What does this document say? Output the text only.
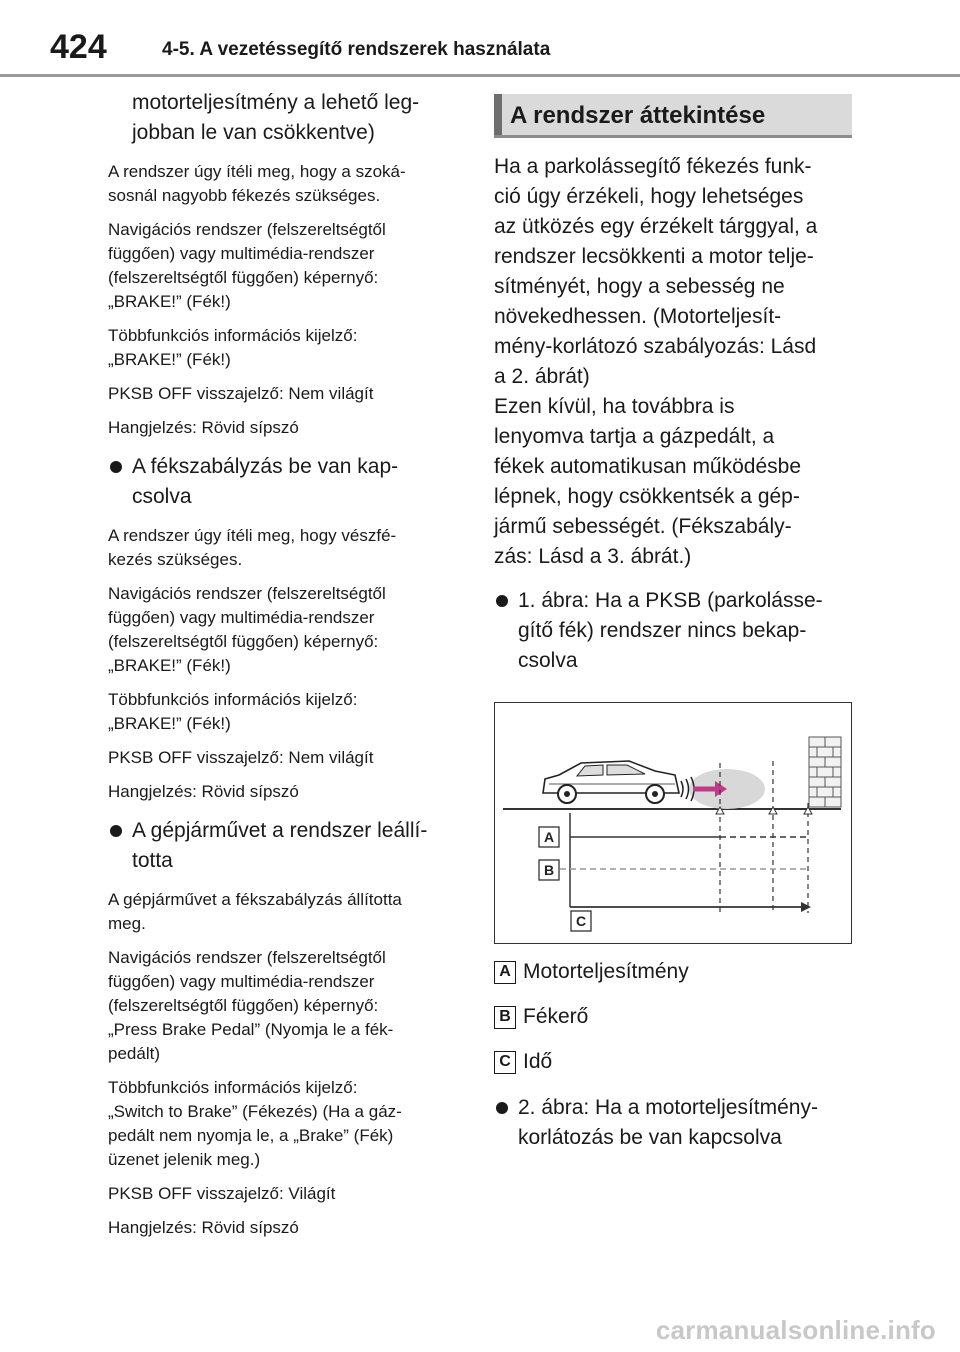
424	4-5. A vezetéssegítő rendszerek használata
motorteljesítmény a lehető leg-
jobban le van csökkentve)

A rendszer úgy ítéli meg, hogy a szoká-
sosnál nagyobb fékezés szükséges.

Navigációs rendszer (felszereltségtől
függően) vagy multimédia-rendszer
(felszereltségtől függően) képernyő:
„BRAKE!” (Fék!)

Többfunkciós információs kijelző:
„BRAKE!” (Fék!)

PKSB OFF visszajelző: Nem világít

Hangjelzés: Rövid sípszó

A fékszabályzás be van kap-
csolva

A rendszer úgy ítéli meg, hogy vészfé-
kezés szükséges.

Navigációs rendszer (felszereltségtől
függően) vagy multimédia-rendszer
(felszereltségtől függően) képernyő:
„BRAKE!” (Fék!)

Többfunkciós információs kijelző:
„BRAKE!” (Fék!)

PKSB OFF visszajelző: Nem világít

Hangjelzés: Rövid sípszó

A gépjárművet a rendszer leállí-
totta

A gépjárművet a fékszabályzás állította
meg.

Navigációs rendszer (felszereltségtől
függően) vagy multimédia-rendszer
(felszereltségtől függően) képernyő:
„Press Brake Pedal” (Nyomja le a fék-
pedált)

Többfunkciós információs kijelző:
„Switch to Brake” (Fékezés) (Ha a gáz-
pedált nem nyomja le, a „Brake” (Fék)
üzenet jelenik meg.)

PKSB OFF visszajelző: Világít

Hangjelzés: Rövid sípszó

A rendszer áttekintése

Ha a parkolássegítő fékezés funk-
ció úgy érzékeli, hogy lehetséges
az ütközés egy érzékelt tárggyal, a
rendszer lecsökkenti a motor telje-
sítményét, hogy a sebesség ne
növekedhessen. (Motorteljesít-
mény-korlátozó szabályozás: Lásd
a 2. ábrát)
Ezen kívül, ha továbbra is
lenyomva tartja a gázpedált, a
fékek automatikusan működésbe
lépnek, hogy csökkentsék a gép-
jármű sebességét. (Fékszabály-
zás: Lásd a 3. ábrát.)

1. ábra: Ha a PKSB (parkolásse-
gítő fék) rendszer nincs bekap-
csolva
A
B
C
A Motorteljesítmény
B Fékerő
C Idő
2. ábra: Ha a motorteljesítmény-
korlátozás be van kapcsolva
carmanualsonline.info
